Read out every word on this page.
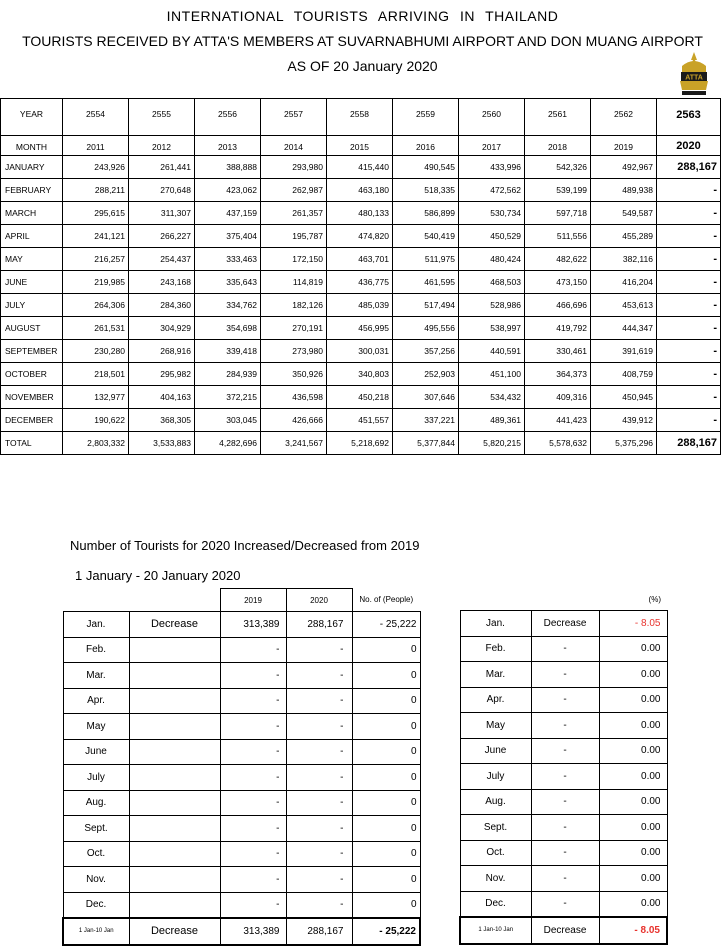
INTERNATIONAL TOURISTS ARRIVING IN THAILAND
TOURISTS RECEIVED BY ATTA'S MEMBERS AT SUVARNABHUMI AIRPORT AND DON MUANG AIRPORT
AS OF 20 January 2020
ATTA
YEAR	2554	2555	2556	2557	2558	2559	2560	2561	2562	2563
MONTH	2011	2012	2013	2014	2015	2016	2017	2018	2019	2020
JANUARY	243,926	261,441	388,888	293,980	415,440	490,545	433,996	542,326	492,967	288,167
FEBRUARY	288,211	270,648	423,062	262,987	463,180	518,335	472,562	539,199	489,938	-
MARCH	295,615	311,307	437,159	261,357	480,133	586,899	530,734	597,718	549,587	-
APRIL	241,121	266,227	375,404	195,787	474,820	540,419	450,529	511,556	455,289	-
MAY	216,257	254,437	333,463	172,150	463,701	511,975	480,424	482,622	382,116	-
JUNE	219,985	243,168	335,643	114,819	436,775	461,595	468,503	473,150	416,204	-
JULY	264,306	284,360	334,762	182,126	485,039	517,494	528,986	466,696	453,613	-
AUGUST	261,531	304,929	354,698	270,191	456,995	495,556	538,997	419,792	444,347	-
SEPTEMBER	230,280	268,916	339,418	273,980	300,031	357,256	440,591	330,461	391,619	-
OCTOBER	218,501	295,982	284,939	350,926	340,803	252,903	451,100	364,373	408,759	-
NOVEMBER	132,977	404,163	372,215	436,598	450,218	307,646	534,432	409,316	450,945	-
DECEMBER	190,622	368,305	303,045	426,666	451,557	337,221	489,361	441,423	439,912	-
TOTAL	2,803,332	3,533,883	4,282,696	3,241,567	5,218,692	5,377,844	5,820,215	5,578,632	5,375,296	288,167
Number of Tourists for 2020 Increased/Decreased from 2019
1 January - 20 January 2020
		2019	2020	No. of (People)
Jan.	Decrease	313,389	288,167	- 25,222
Feb.		-	-	0
Mar.		-	-	0
Apr.		-	-	0
May		-	-	0
June		-	-	0
July		-	-	0
Aug.		-	-	0
Sept.		-	-	0
Oct.		-	-	0
Nov.		-	-	0
Dec.		-	-	0
1 Jan-10 Jan	Decrease	313,389	288,167	- 25,222
		(%)
Jan.	Decrease	- 8.05
Feb.	-	0.00
Mar.	-	0.00
Apr.	-	0.00
May	-	0.00
June	-	0.00
July	-	0.00
Aug.	-	0.00
Sept.	-	0.00
Oct.	-	0.00
Nov.	-	0.00
Dec.	-	0.00
1 Jan-10 Jan	Decrease	- 8.05
